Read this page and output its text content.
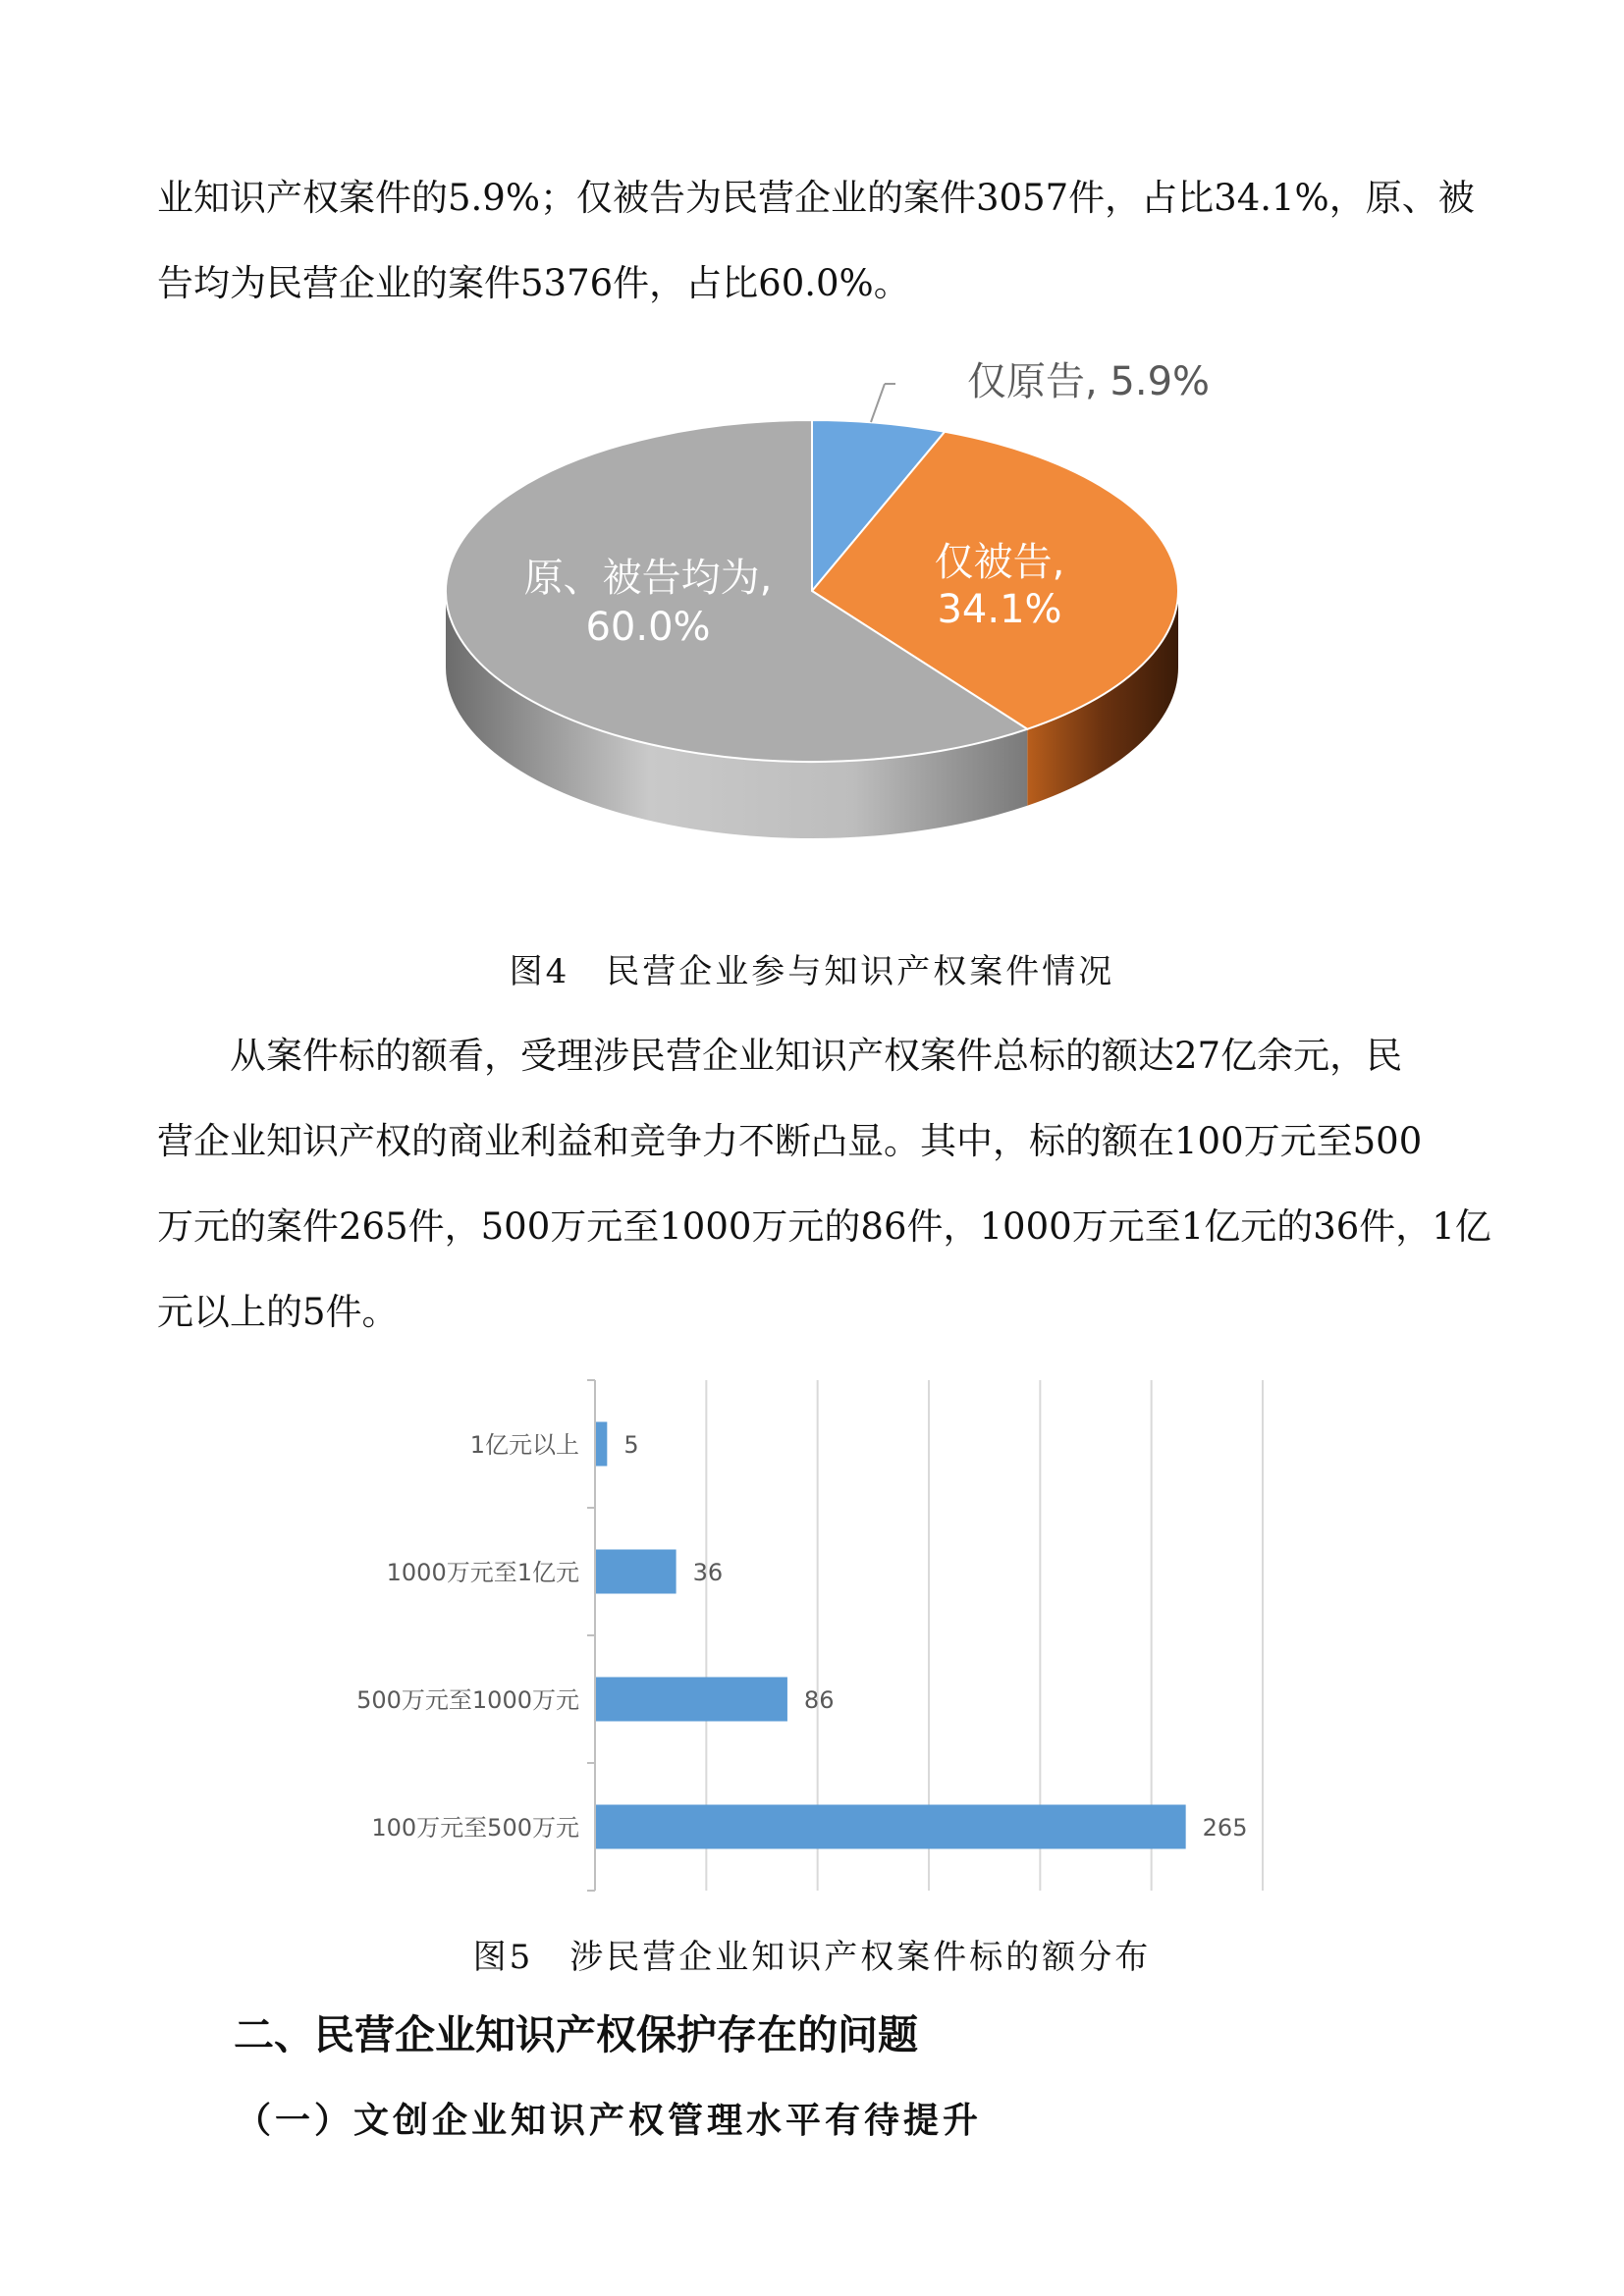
业知识产权案件的5.9%；仅被告为民营企业的案件3057件，占比34.1%，原、被
告均为民营企业的案件5376件，占比60.0%。
仅原告, 5.9%
仅被告,
34.1%
原、被告均为,
60.0%

图4　民营企业参与知识产权案件情况

从案件标的额看，受理涉民营企业知识产权案件总标的额达27亿余元，民
营企业知识产权的商业利益和竞争力不断凸显。其中，标的额在100万元至500
万元的案件265件，500万元至1000万元的86件，1000万元至1亿元的36件，1亿
元以上的5件。
1亿元以上 5
1000万元至1亿元	36
500万元至1000万元	86
100万元至500万元	265

图5　涉民营企业知识产权案件标的额分布

二、民营企业知识产权保护存在的问题
（一）文创企业知识产权管理水平有待提升
